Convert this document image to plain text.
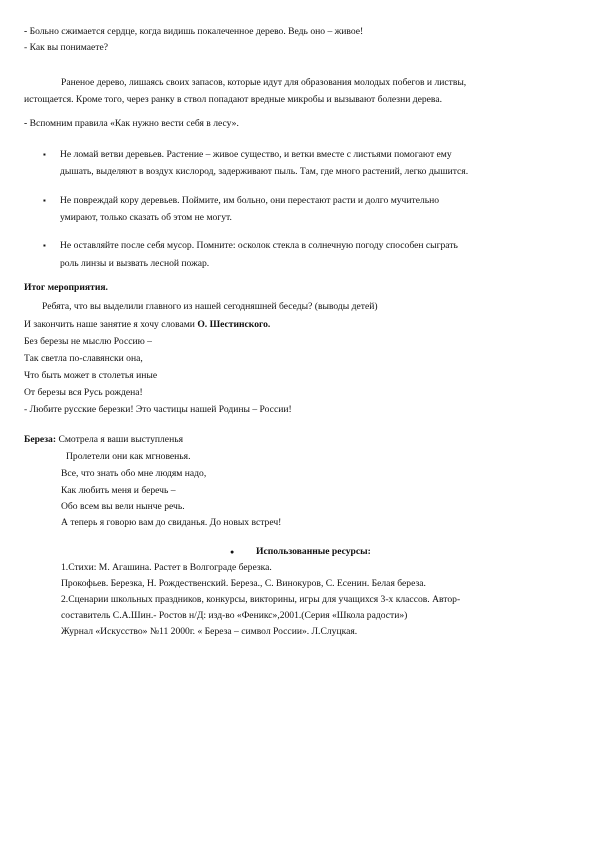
- Больно сжимается сердце, когда видишь покалеченное дерево. Ведь оно – живое!
- Как вы понимаете?
Раненое дерево, лишаясь своих запасов, которые идут для образования молодых побегов и листвы,
истощается. Кроме того, через ранку в ствол попадают вредные микробы и вызывают болезни дерева.
- Вспомним правила «Как нужно вести себя в лесу».
▪ Не ломай ветви деревьев. Растение – живое существо, и ветки вместе с листьями помогают ему
дышать, выделяют в воздух кислород, задерживают пыль. Там, где много растений, легко дышится.
▪ Не повреждай кору деревьев. Поймите, им больно, они перестают расти и долго мучительно
умирают, только сказать об этом не могут.
▪ Не оставляйте после себя мусор. Помните: осколок стекла в солнечную погоду способен сыграть
роль линзы и вызвать лесной пожар.
Итог мероприятия.
Ребята, что вы выделили главного из нашей сегодняшней беседы? (выводы детей)
И закончить наше занятие я хочу словами О. Шестинского.
Без березы не мыслю Россию –
Так светла по-славянски она,
Что быть может в столетья иные
От березы вся Русь рождена!
- Любите русские березки! Это частицы нашей Родины – России!
Береза: Смотрела я ваши выступленья
Пролетели они как мгновенья.
Все, что знать обо мне людям надо,
Как любить меня и беречь –
Обо всем вы вели нынче речь.
А теперь я говорю вам до свиданья. До новых встреч!
● Использованные ресурсы:
1.Стихи: М. Агашина. Растет в Волгограде березка.
Прокофьев. Березка, Н. Рождественский. Береза., С. Винокуров, С. Есенин. Белая береза.
2.Сценарии школьных праздников, конкурсы, викторины, игры для учащихся 3-х классов. Автор-
составитель С.А.Шин.- Ростов н/Д: изд-во «Феникс»,2001.(Серия «Школа радости»)
Журнал «Искусство» №11 2000г. « Береза – символ России». Л.Слуцкая.
